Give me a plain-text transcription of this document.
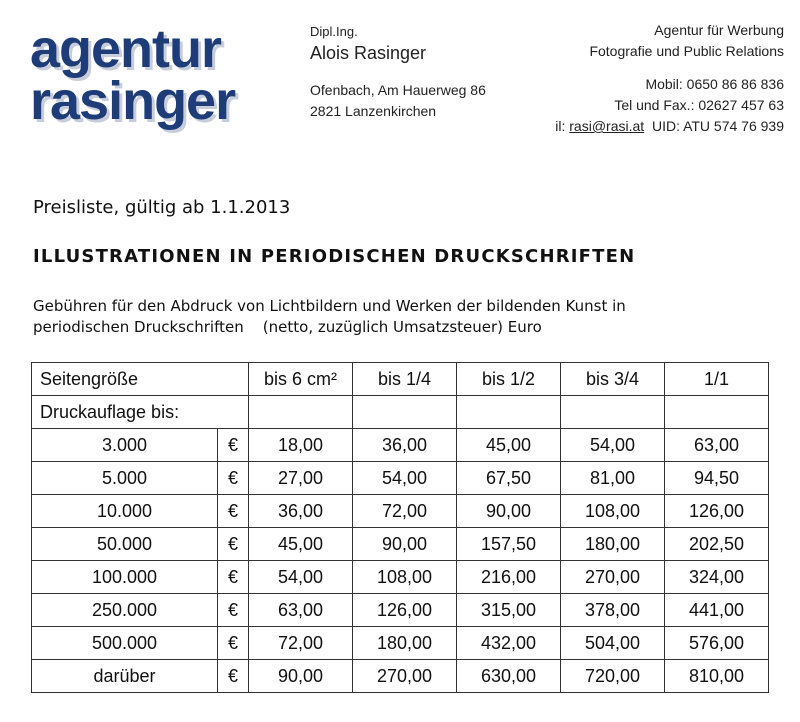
agentur
rasinger
Dipl.Ing.
Alois Rasinger
Ofenbach, Am Hauerweg 86
2821 Lanzenkirchen
Agentur für Werbung
Fotografie und Public Relations
Mobil: 0650 86 86 836
Tel und Fax.: 02627 457 63
il: rasi@rasi.at UID: ATU 574 76 939
Preisliste, gültig ab 1.1.2013
ILLUSTRATIONEN IN PERIODISCHEN DRUCKSCHRIFTEN
Gebühren für den Abdruck von Lichtbildern und Werken der bildenden Kunst in
periodischen Druckschriften    (netto, zuzüglich Umsatzsteuer) Euro
Seitengröße		bis 6 cm²	bis 1/4	bis 1/2	bis 3/4	1/1
Druckauflage bis:						
3.000	€	18,00	36,00	45,00	54,00	63,00
5.000	€	27,00	54,00	67,50	81,00	94,50
10.000	€	36,00	72,00	90,00	108,00	126,00
50.000	€	45,00	90,00	157,50	180,00	202,50
100.000	€	54,00	108,00	216,00	270,00	324,00
250.000	€	63,00	126,00	315,00	378,00	441,00
500.000	€	72,00	180,00	432,00	504,00	576,00
darüber	€	90,00	270,00	630,00	720,00	810,00
